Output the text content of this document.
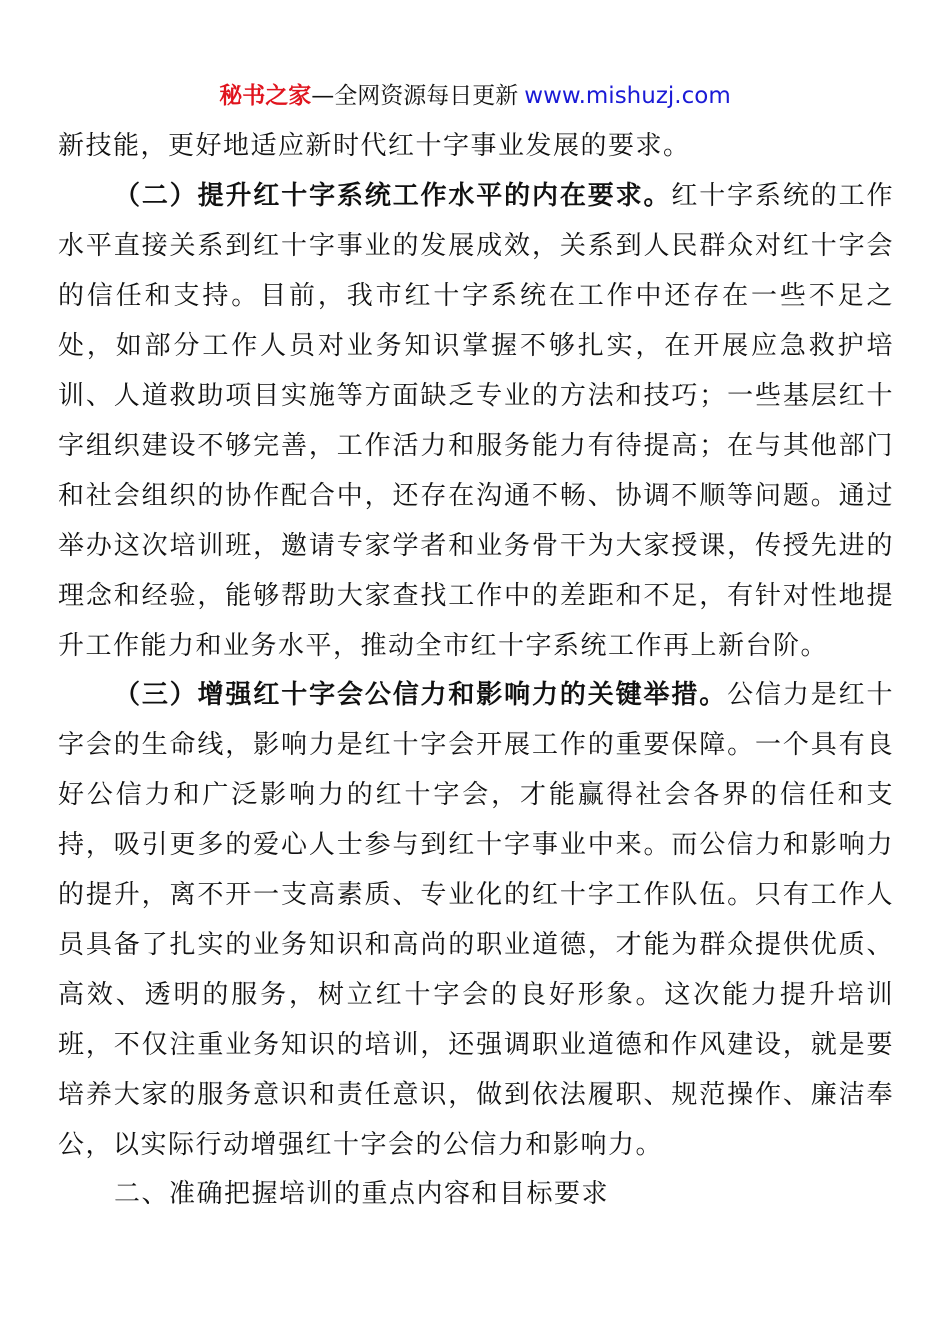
秘书之家—全网资源每日更新 www.mishuzj.com

新技能，更好地适应新时代红十字事业发展的要求。

（二）提升红十字系统工作水平的内在要求。红十字系统的工作水平直接关系到红十字事业的发展成效，关系到人民群众对红十字会的信任和支持。目前，我市红十字系统在工作中还存在一些不足之处，如部分工作人员对业务知识掌握不够扎实，在开展应急救护培训、人道救助项目实施等方面缺乏专业的方法和技巧；一些基层红十字组织建设不够完善，工作活力和服务能力有待提高；在与其他部门和社会组织的协作配合中，还存在沟通不畅、协调不顺等问题。通过举办这次培训班，邀请专家学者和业务骨干为大家授课，传授先进的理念和经验，能够帮助大家查找工作中的差距和不足，有针对性地提升工作能力和业务水平，推动全市红十字系统工作再上新台阶。

（三）增强红十字会公信力和影响力的关键举措。公信力是红十字会的生命线，影响力是红十字会开展工作的重要保障。一个具有良好公信力和广泛影响力的红十字会，才能赢得社会各界的信任和支持，吸引更多的爱心人士参与到红十字事业中来。而公信力和影响力的提升，离不开一支高素质、专业化的红十字工作队伍。只有工作人员具备了扎实的业务知识和高尚的职业道德，才能为群众提供优质、高效、透明的服务，树立红十字会的良好形象。这次能力提升培训班，不仅注重业务知识的培训，还强调职业道德和作风建设，就是要培养大家的服务意识和责任意识，做到依法履职、规范操作、廉洁奉公，以实际行动增强红十字会的公信力和影响力。

二、准确把握培训的重点内容和目标要求
